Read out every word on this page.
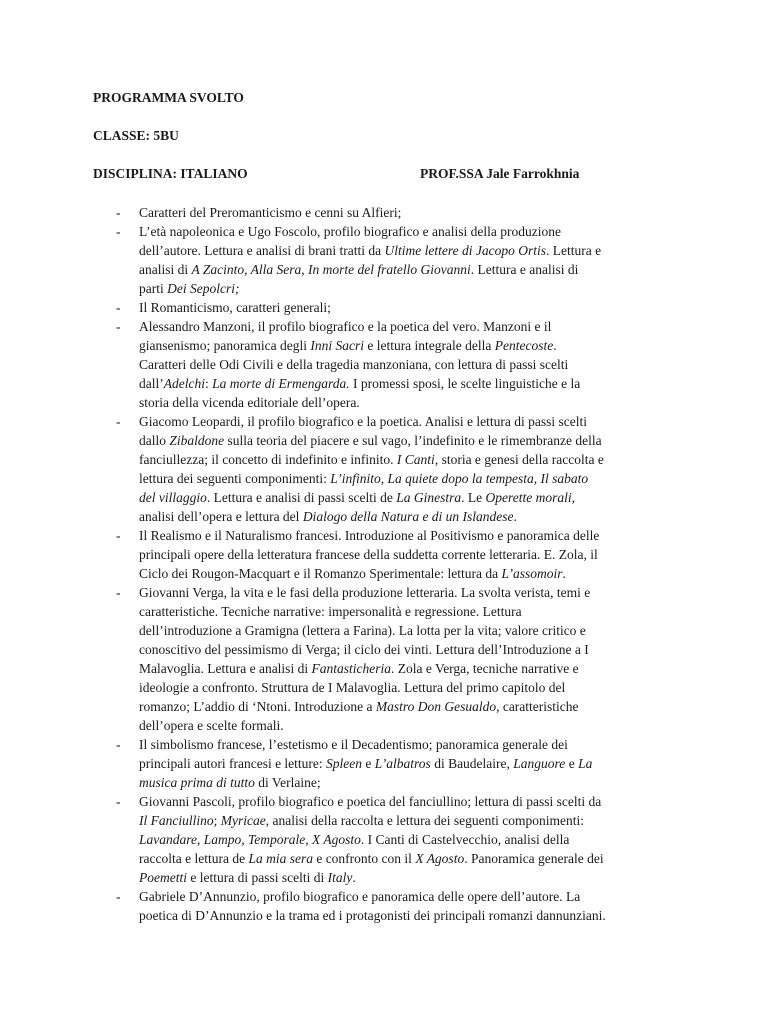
PROGRAMMA SVOLTO
CLASSE: 5BU
DISCIPLINA: ITALIANO	PROF.SSA Jale Farrokhnia
- Caratteri del Preromanticismo e cenni su Alfieri;
- L’età napoleonica e Ugo Foscolo, profilo biografico e analisi della produzione
dell’autore. Lettura e analisi di brani tratti da Ultime lettere di Jacopo Ortis. Lettura e
analisi di A Zacinto, Alla Sera, In morte del fratello Giovanni. Lettura e analisi di
parti Dei Sepolcri;
- Il Romanticismo, caratteri generali;
- Alessandro Manzoni, il profilo biografico e la poetica del vero. Manzoni e il
giansenismo; panoramica degli Inni Sacri e lettura integrale della Pentecoste.
Caratteri delle Odi Civili e della tragedia manzoniana, con lettura di passi scelti
dall’Adelchi: La morte di Ermengarda. I promessi sposi, le scelte linguistiche e la
storia della vicenda editoriale dell’opera.
- Giacomo Leopardi, il profilo biografico e la poetica. Analisi e lettura di passi scelti
dallo Zibaldone sulla teoria del piacere e sul vago, l’indefinito e le rimembranze della
fanciullezza; il concetto di indefinito e infinito. I Canti, storia e genesi della raccolta e
lettura dei seguenti componimenti: L’infinito, La quiete dopo la tempesta, Il sabato
del villaggio. Lettura e analisi di passi scelti de La Ginestra. Le Operette morali,
analisi dell’opera e lettura del Dialogo della Natura e di un Islandese.
- Il Realismo e il Naturalismo francesi. Introduzione al Positivismo e panoramica delle
principali opere della letteratura francese della suddetta corrente letteraria. E. Zola, il
Ciclo dei Rougon-Macquart e il Romanzo Sperimentale: lettura da L’assomoir.
- Giovanni Verga, la vita e le fasi della produzione letteraria. La svolta verista, temi e
caratteristiche. Tecniche narrative: impersonalità e regressione. Lettura
dell’introduzione a Gramigna (lettera a Farina). La lotta per la vita; valore critico e
conoscitivo del pessimismo di Verga; il ciclo dei vinti. Lettura dell’Introduzione a I
Malavoglia. Lettura e analisi di Fantasticheria. Zola e Verga, tecniche narrative e
ideologie a confronto. Struttura de I Malavoglia. Lettura del primo capitolo del
romanzo; L’addio di ‘Ntoni. Introduzione a Mastro Don Gesualdo, caratteristiche
dell’opera e scelte formali.
- Il simbolismo francese, l’estetismo e il Decadentismo; panoramica generale dei
principali autori francesi e letture: Spleen e L’albatros di Baudelaire, Languore e La
musica prima di tutto di Verlaine;
- Giovanni Pascoli, profilo biografico e poetica del fanciullino; lettura di passi scelti da
Il Fanciullino; Myricae, analisi della raccolta e lettura dei seguenti componimenti:
Lavandare, Lampo, Temporale, X Agosto. I Canti di Castelvecchio, analisi della
raccolta e lettura de La mia sera e confronto con il X Agosto. Panoramica generale dei
Poemetti e lettura di passi scelti di Italy.
- Gabriele D’Annunzio, profilo biografico e panoramica delle opere dell’autore. La
poetica di D’Annunzio e la trama ed i protagonisti dei principali romanzi dannunziani.
